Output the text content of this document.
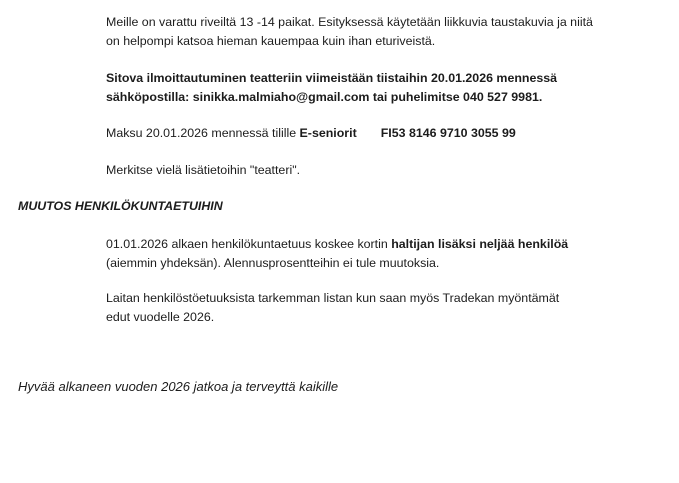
Meille on varattu riveiltä 13 -14 paikat. Esityksessä käytetään liikkuvia taustakuvia ja niitä
on helpompi katsoa hieman kauempaa kuin ihan eturiveistä.

Sitova ilmoittautuminen teatteriin viimeistään tiistaihin 20.01.2026 mennessä
sähköpostilla: sinikka.malmiaho@gmail.com tai puhelimitse 040 527 9981.

Maksu 20.01.2026 mennessä tilille E-seniorit FI53 8146 9710 3055 99

Merkitse vielä lisätietoihin "teatteri".

MUUTOS HENKILÖKUNTAETUIHIN

01.01.2026 alkaen henkilökuntaetuus koskee kortin haltijan lisäksi neljää henkilöä
(aiemmin yhdeksän). Alennusprosentteihin ei tule muutoksia.

Laitan henkilöstöetuuksista tarkemman listan kun saan myös Tradekan myöntämät
edut vuodelle 2026.

Hyvää alkaneen vuoden 2026 jatkoa ja terveyttä kaikille
